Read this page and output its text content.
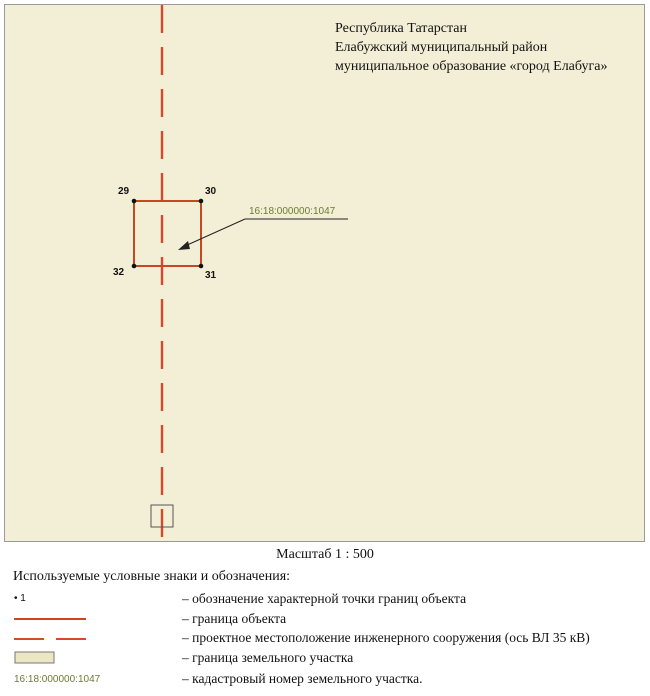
Республика Татарстан
Елабужский муниципальный район
муниципальное образование «город Елабуга»
29	30
31
32
16:18:000000:1047
Масштаб 1 : 500
Используемые условные знаки и обозначения:
• 1	– обозначение характерной точки границ объекта
– граница объекта
– проектное местоположение инженерного сооружения (ось ВЛ 35 кВ)
– граница земельного участка
16:18:000000:1047	– кадастровый номер земельного участка.
